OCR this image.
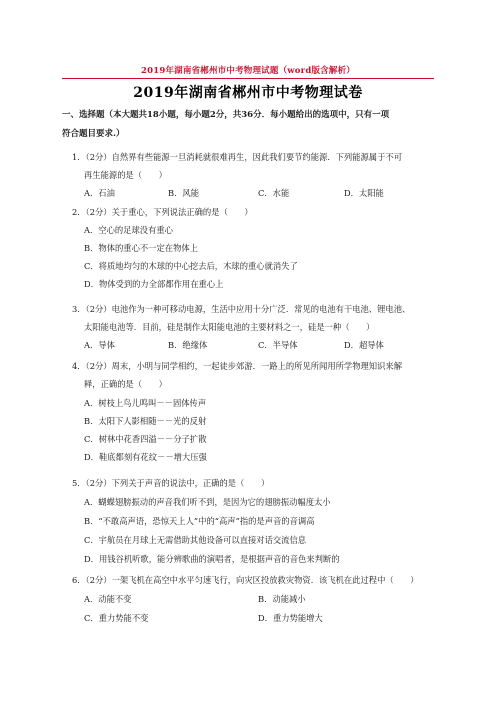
2019年湖南省郴州市中考物理试题（word版含解析）
2019年湖南省郴州市中考物理试卷
一、选择题（本大题共18小题，每小题2分，共36分．每小题给出的选项中，只有一项
符合题目要求.）
1．（2分）自然界有些能源一旦消耗就很难再生，因此我们要节约能源．下列能源属于不可
再生能源的是（　　）
A．石油	B．风能	C．水能	D．太阳能
2．（2分）关于重心，下列说法正确的是（　　）
A．空心的足球没有重心
B．物体的重心不一定在物体上
C．将质地均匀的木球的中心挖去后，木球的重心就消失了
D．物体受到的力全部都作用在重心上
3．（2分）电池作为一种可移动电源，生活中应用十分广泛．常见的电池有干电池、锂电池、
太阳能电池等．目前，硅是制作太阳能电池的主要材料之一，硅是一种（　　）
A．导体	B．绝缘体	C．半导体	D．超导体
4．（2分）周末，小明与同学相约，一起徒步郊游．一路上的所见所闻用所学物理知识来解
释，正确的是（　　）
A．树枝上鸟儿鸣叫－－固体传声
B．太阳下人影相随－－光的反射
C．树林中花香四溢－－分子扩散
D．鞋底都刻有花纹－－增大压强
5．（2分）下列关于声音的说法中，正确的是（　　）
A．蝴蝶翅膀振动的声音我们听不到，是因为它的翅膀振动幅度太小
B．“不敢高声语，恐惊天上人”中的“高声”指的是声音的音调高
C．宇航员在月球上无需借助其他设备可以直接对话交流信息
D．用钱谷机听歌，能分辨歌曲的演唱者，是根据声音的音色来判断的
6．（2分）一架飞机在高空中水平匀速飞行，向灾区投放救灾物资．该飞机在此过程中（　　）
A．动能不变	B．动能减小
C．重力势能不变	D．重力势能增大
